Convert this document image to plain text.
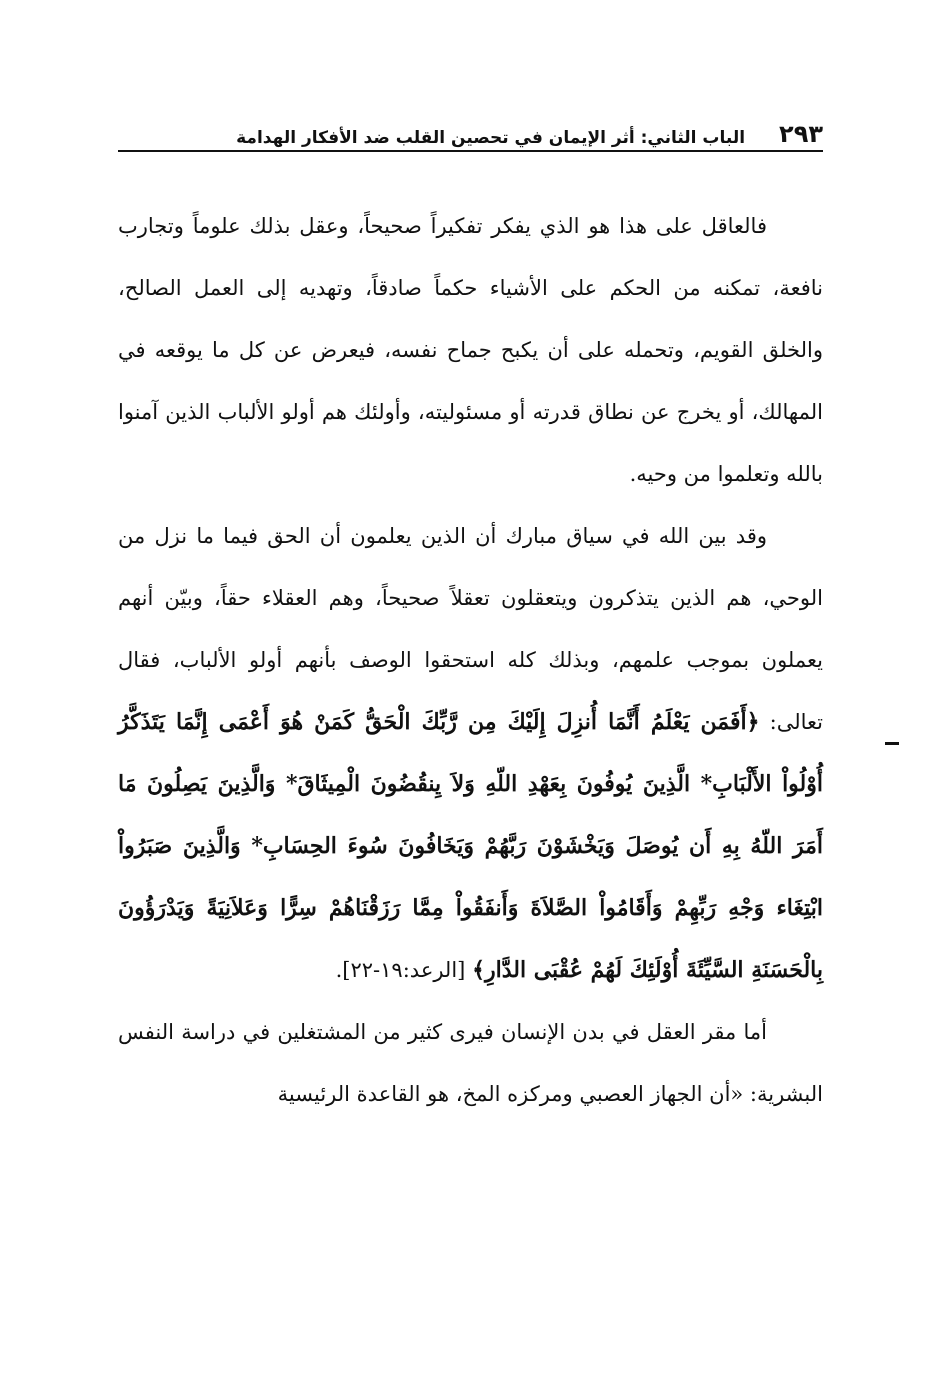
٢٩٣
الباب الثاني: أثر الإيمان في تحصين القلب ضد الأفكار الهدامة

فالعاقل على هذا هو الذي يفكر تفكيراً صحيحاً، وعقل بذلك علوماً وتجارب نافعة، تمكنه من الحكم على الأشياء حكماً صادقاً، وتهديه إلى العمل الصالح، والخلق القويم، وتحمله على أن يكبح جماح نفسه، فيعرض عن كل ما يوقعه في المهالك، أو يخرج عن نطاق قدرته أو مسئوليته، وأولئك هم أولو الألباب الذين آمنوا بالله وتعلموا من وحيه.

وقد بين الله في سياق مبارك أن الذين يعلمون أن الحق فيما ما نزل من الوحي، هم الذين يتذكرون ويتعقلون تعقلاً صحيحاً، وهم العقلاء حقاً، وبيّن أنهم يعملون بموجب علمهم، وبذلك كله استحقوا الوصف بأنهم أولو الألباب، فقال تعالى: ﴿أَفَمَن يَعْلَمُ أَنَّمَا أُنزِلَ إِلَيْكَ مِن رَّبِّكَ الْحَقُّ كَمَنْ هُوَ أَعْمَى إِنَّمَا يَتَذَكَّرُ أُوْلُواْ الأَلْبَابِ* الَّذِينَ يُوفُونَ بِعَهْدِ اللّهِ وَلاَ يِنقُضُونَ الْمِيثَاقَ* وَالَّذِينَ يَصِلُونَ مَا أَمَرَ اللّهُ بِهِ أَن يُوصَلَ وَيَخْشَوْنَ رَبَّهُمْ وَيَخَافُونَ سُوءَ الحِسَابِ* وَالَّذِينَ صَبَرُواْ ابْتِغَاء وَجْهِ رَبِّهِمْ وَأَقَامُواْ الصَّلاَةَ وَأَنفَقُواْ مِمَّا رَزَقْنَاهُمْ سِرًّا وَعَلاَنِيَةً وَيَدْرَؤُونَ بِالْحَسَنَةِ السَّيِّئَةَ أُوْلَئِكَ لَهُمْ عُقْبَى الدَّارِ﴾ [الرعد:١٩-٢٢].

أما مقر العقل في بدن الإنسان فيرى كثير من المشتغلين في دراسة النفس البشرية: «أن الجهاز العصبي ومركزه المخ، هو القاعدة الرئيسية
